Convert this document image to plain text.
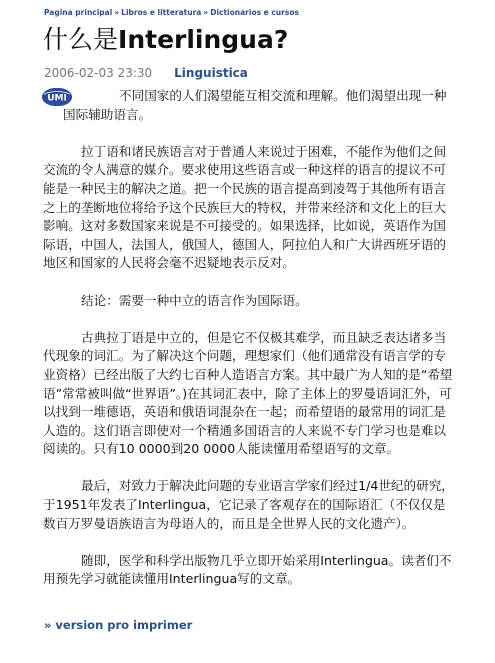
Pagina principal » Libros e litteratura » Dictionarios e cursos
什么是Interlingua?
2006-02-03 23:30 Linguistica
UMI	不同国家的人们渴望能互相交流和理解。他们渴望出现一种国际辅助语言。

拉丁语和诸民族语言对于普通人来说过于困难，不能作为他们之间交流的令人满意的媒介。要求使用这些语言或一种这样的语言的提议不可能是一种民主的解决之道。把一个民族的语言提高到凌驾于其他所有语言之上的垄断地位将给予这个民族巨大的特权，并带来经济和文化上的巨大影响。这对多数国家来说是不可接受的。如果选择，比如说，英语作为国际语，中国人，法国人，俄国人，德国人，阿拉伯人和广大讲西班牙语的地区和国家的人民将会毫不迟疑地表示反对。

结论：需要一种中立的语言作为国际语。

古典拉丁语是中立的，但是它不仅极其难学，而且缺乏表达诸多当代现象的词汇。为了解决这个问题，理想家们（他们通常没有语言学的专业资格）已经出版了大约七百种人造语言方案。其中最广为人知的是“希望语”常常被叫做“世界语”。)在其词汇表中，除了主体上的罗曼语词汇外，可以找到一堆德语，英语和俄语词混杂在一起；而希望语的最常用的词汇是人造的。这们语言即使对一个精通多国语言的人来说不专门学习也是难以阅读的。只有10 0000到20 0000人能读懂用希望语写的文章。

最后，对致力于解决此问题的专业语言学家们经过1/4世纪的研究，于1951年发表了Interlingua，它记录了客观存在的国际语汇（不仅仅是数百万罗曼语族语言为母语人的，而且是全世界人民的文化遗产）。

随即，医学和科学出版物几乎立即开始采用Interlingua。读者们不用预先学习就能读懂用Interlingua写的文章。

» version pro imprimer
